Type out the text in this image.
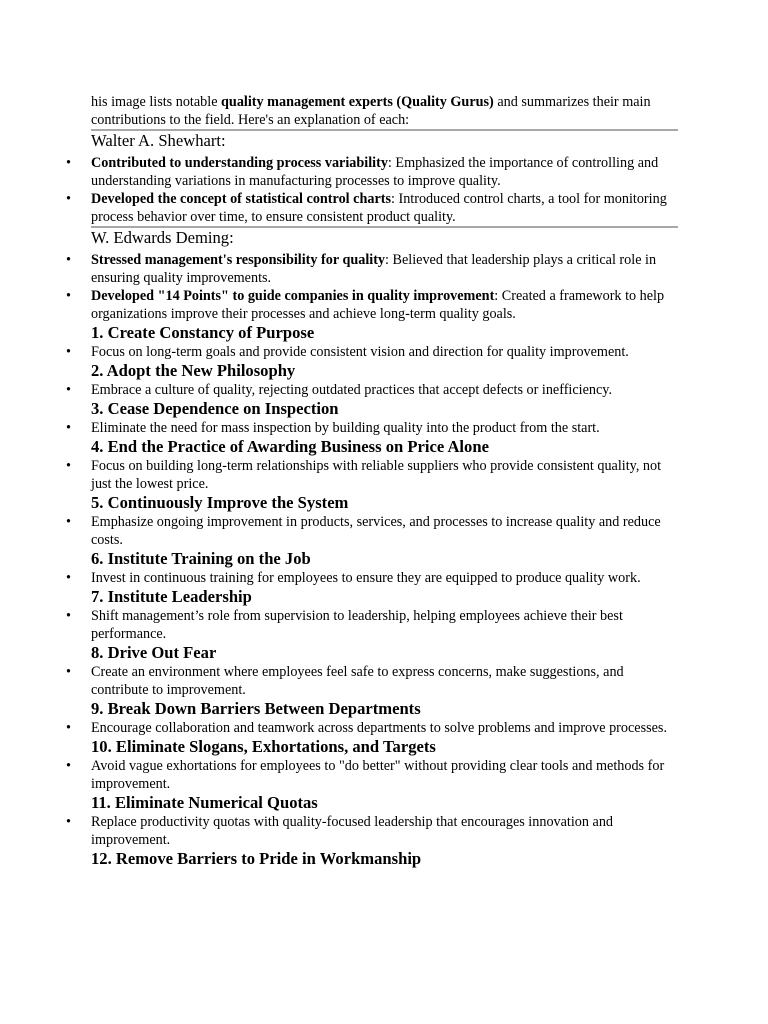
his image lists notable quality management experts (Quality Gurus) and summarizes their main contributions to the field. Here's an explanation of each:

Walter A. Shewhart:
• Contributed to understanding process variability: Emphasized the importance of controlling and understanding variations in manufacturing processes to improve quality.
• Developed the concept of statistical control charts: Introduced control charts, a tool for monitoring process behavior over time, to ensure consistent product quality.
W. Edwards Deming:
• Stressed management's responsibility for quality: Believed that leadership plays a critical role in ensuring quality improvements.
• Developed "14 Points" to guide companies in quality improvement: Created a framework to help organizations improve their processes and achieve long-term quality goals.
1. Create Constancy of Purpose

• Focus on long-term goals and provide consistent vision and direction for quality improvement.

2. Adopt the New Philosophy

• Embrace a culture of quality, rejecting outdated practices that accept defects or inefficiency.

3. Cease Dependence on Inspection

• Eliminate the need for mass inspection by building quality into the product from the start.

4. End the Practice of Awarding Business on Price Alone

• Focus on building long-term relationships with reliable suppliers who provide consistent quality, not just the lowest price.

5. Continuously Improve the System

• Emphasize ongoing improvement in products, services, and processes to increase quality and reduce costs.

6. Institute Training on the Job

• Invest in continuous training for employees to ensure they are equipped to produce quality work.

7. Institute Leadership

• Shift management’s role from supervision to leadership, helping employees achieve their best performance.

8. Drive Out Fear

• Create an environment where employees feel safe to express concerns, make suggestions, and contribute to improvement.

9. Break Down Barriers Between Departments

• Encourage collaboration and teamwork across departments to solve problems and improve processes.

10. Eliminate Slogans, Exhortations, and Targets

• Avoid vague exhortations for employees to "do better" without providing clear tools and methods for improvement.

11. Eliminate Numerical Quotas

• Replace productivity quotas with quality-focused leadership that encourages innovation and improvement.

12. Remove Barriers to Pride in Workmanship
